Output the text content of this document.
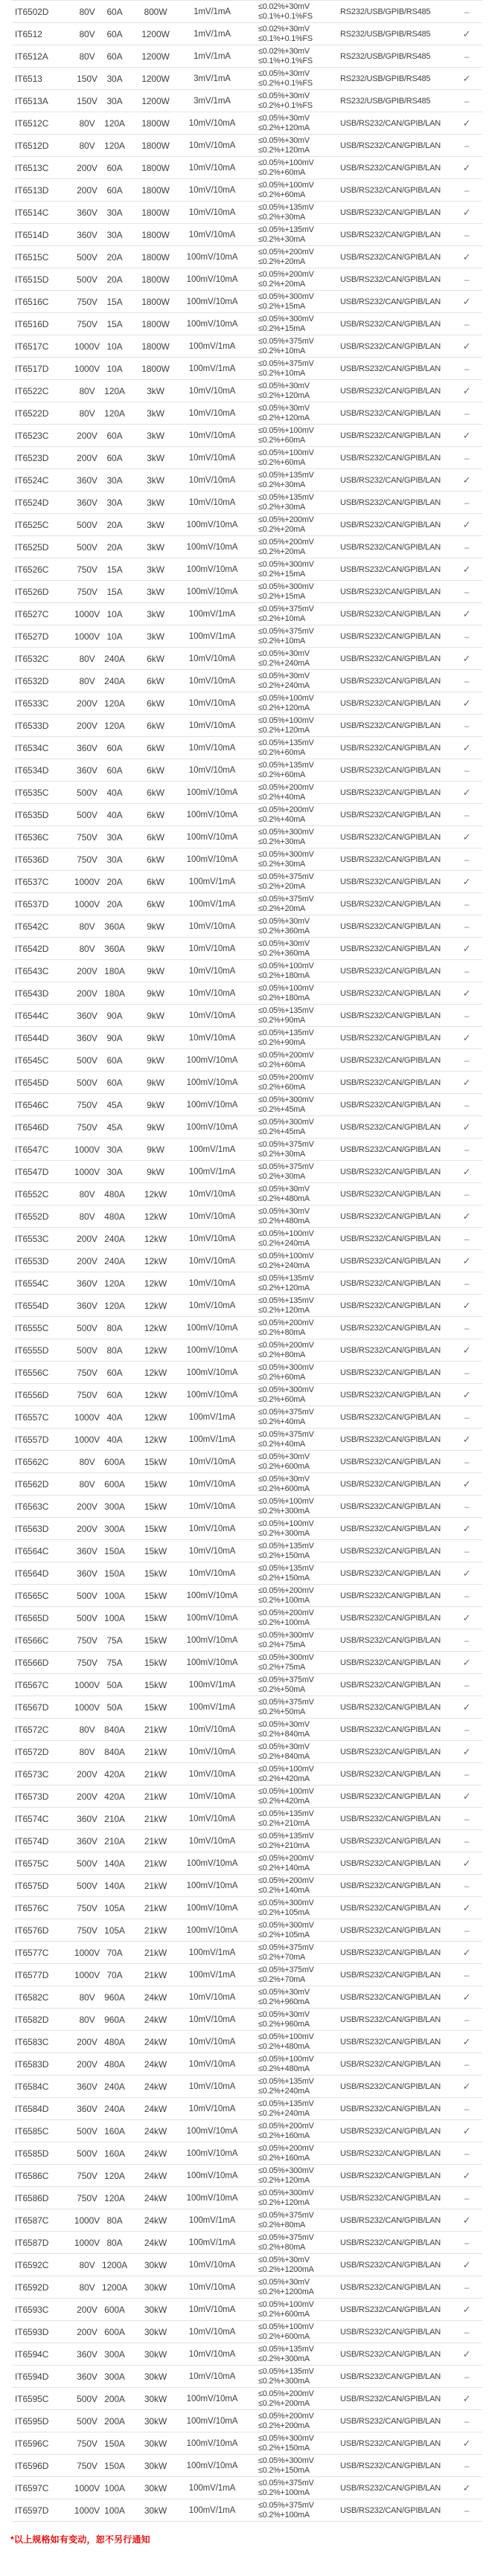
IT6502D	80V	60A	800W	1mV/1mA
≤0.02%+30mV
≤0.1%+0.1%FS	RS232/USB/GPIB/RS485	–
IT6512	80V	60A	1200W	1mV/1mA
≤0.02%+30mV
≤0.1%+0.1%FS	RS232/USB/GPIB/RS485	✓
IT6512A	80V	60A	1200W	1mV/1mA
≤0.02%+30mV
≤0.1%+0.1%FS	RS232/USB/GPIB/RS485	–
IT6513	150V	30A	1200W	3mV/1mA
≤0.05%+30mV
≤0.2%+0.1%FS	RS232/USB/GPIB/RS485	✓
IT6513A	150V	30A	1200W	3mV/1mA
≤0.05%+30mV
≤0.2%+0.1%FS	RS232/USB/GPIB/RS485	–
IT6512C	80V	120A	1800W	10mV/10mA
≤0.05%+30mV
≤0.2%+120mA	USB/RS232/CAN/GPIB/LAN	✓
IT6512D	80V	120A	1800W	10mV/10mA
≤0.05%+30mV
≤0.2%+120mA	USB/RS232/CAN/GPIB/LAN	–
IT6513C	200V	60A	1800W	10mV/10mA
≤0.05%+100mV
≤0.2%+60mA	USB/RS232/CAN/GPIB/LAN	✓
IT6513D	200V	60A	1800W	10mV/10mA
≤0.05%+100mV
≤0.2%+60mA	USB/RS232/CAN/GPIB/LAN	–
IT6514C	360V	30A	1800W	10mV/10mA
≤0.05%+135mV
≤0.2%+30mA	USB/RS232/CAN/GPIB/LAN	✓
IT6514D	360V	30A	1800W	10mV/10mA
≤0.05%+135mV
≤0.2%+30mA	USB/RS232/CAN/GPIB/LAN	–
IT6515C	500V	20A	1800W	100mV/10mA
≤0.05%+200mV
≤0.2%+20mA	USB/RS232/CAN/GPIB/LAN	✓
IT6515D	500V	20A	1800W	100mV/10mA
≤0.05%+200mV
≤0.2%+20mA	USB/RS232/CAN/GPIB/LAN	–
IT6516C	750V	15A	1800W	100mV/10mA
≤0.05%+300mV
≤0.2%+15mA	USB/RS232/CAN/GPIB/LAN	✓
IT6516D	750V	15A	1800W	100mV/10mA
≤0.05%+300mV
≤0.2%+15mA	USB/RS232/CAN/GPIB/LAN	–
IT6517C	1000V 10A	1800W	100mV/1mA
≤0.05%+375mV
≤0.2%+10mA	USB/RS232/CAN/GPIB/LAN	✓
IT6517D	1000V 10A	1800W	100mV/1mA
≤0.05%+375mV
≤0.2%+10mA	USB/RS232/CAN/GPIB/LAN	–
IT6522C	80V	120A	3kW	10mV/10mA
≤0.05%+30mV
≤0.2%+120mA	USB/RS232/CAN/GPIB/LAN	✓
IT6522D	80V	120A	3kW	10mV/10mA
≤0.05%+30mV
≤0.2%+120mA	USB/RS232/CAN/GPIB/LAN	–
IT6523C	200V	60A	3kW	10mV/10mA
≤0.05%+100mV
≤0.2%+60mA	USB/RS232/CAN/GPIB/LAN	✓
IT6523D	200V	60A	3kW	10mV/10mA
≤0.05%+100mV
≤0.2%+60mA	USB/RS232/CAN/GPIB/LAN	–
IT6524C	360V	30A	3kW	10mV/10mA
≤0.05%+135mV
≤0.2%+30mA	USB/RS232/CAN/GPIB/LAN	✓
IT6524D	360V	30A	3kW	10mV/10mA
≤0.05%+135mV
≤0.2%+30mA	USB/RS232/CAN/GPIB/LAN	–
IT6525C	500V	20A	3kW	100mV/10mA
≤0.05%+200mV
≤0.2%+20mA	USB/RS232/CAN/GPIB/LAN	✓
IT6525D	500V	20A	3kW	100mV/10mA
≤0.05%+200mV
≤0.2%+20mA	USB/RS232/CAN/GPIB/LAN	–
IT6526C	750V	15A	3kW	100mV/10mA
≤0.05%+300mV
≤0.2%+15mA	USB/RS232/CAN/GPIB/LAN	✓
IT6526D	750V	15A	3kW	100mV/10mA
≤0.05%+300mV
≤0.2%+15mA	USB/RS232/CAN/GPIB/LAN	–
IT6527C	1000V 10A	3kW	100mV/1mA
≤0.05%+375mV
≤0.2%+10mA	USB/RS232/CAN/GPIB/LAN	✓
IT6527D	1000V 10A	3kW	100mV/1mA
≤0.05%+375mV
≤0.2%+10mA	USB/RS232/CAN/GPIB/LAN	–
IT6532C	80V	240A	6kW	10mV/10mA
≤0.05%+30mV
≤0.2%+240mA	USB/RS232/CAN/GPIB/LAN	✓
IT6532D	80V	240A	6kW	10mV/10mA
≤0.05%+30mV
≤0.2%+240mA	USB/RS232/CAN/GPIB/LAN	–
IT6533C	200V 120A	6kW	10mV/10mA
≤0.05%+100mV
≤0.2%+120mA	USB/RS232/CAN/GPIB/LAN	✓
IT6533D	200V 120A	6kW	10mV/10mA
≤0.05%+100mV
≤0.2%+120mA	USB/RS232/CAN/GPIB/LAN	–
IT6534C	360V	60A	6kW	10mV/10mA
≤0.05%+135mV
≤0.2%+60mA	USB/RS232/CAN/GPIB/LAN	✓
IT6534D	360V	60A	6kW	10mV/10mA
≤0.05%+135mV
≤0.2%+60mA	USB/RS232/CAN/GPIB/LAN	–
IT6535C	500V	40A	6kW	100mV/10mA
≤0.05%+200mV
≤0.2%+40mA	USB/RS232/CAN/GPIB/LAN	✓
IT6535D	500V	40A	6kW	100mV/10mA
≤0.05%+200mV
≤0.2%+40mA	USB/RS232/CAN/GPIB/LAN	–
IT6536C	750V	30A	6kW	100mV/10mA
≤0.05%+300mV
≤0.2%+30mA	USB/RS232/CAN/GPIB/LAN	✓
IT6536D	750V	30A	6kW	100mV/10mA
≤0.05%+300mV
≤0.2%+30mA	USB/RS232/CAN/GPIB/LAN	–
IT6537C	1000V 20A	6kW	100mV/1mA
≤0.05%+375mV
≤0.2%+20mA	USB/RS232/CAN/GPIB/LAN	✓
IT6537D	1000V 20A	6kW	100mV/1mA
≤0.05%+375mV
≤0.2%+20mA	USB/RS232/CAN/GPIB/LAN	–
IT6542C	80V	360A	9kW	10mV/10mA
≤0.05%+30mV
≤0.2%+360mA	USB/RS232/CAN/GPIB/LAN	–
IT6542D	80V	360A	9kW	10mV/10mA
≤0.05%+30mV
≤0.2%+360mA	USB/RS232/CAN/GPIB/LAN	✓
IT6543C	200V 180A	9kW	10mV/10mA
≤0.05%+100mV
≤0.2%+180mA	USB/RS232/CAN/GPIB/LAN	–
IT6543D	200V 180A	9kW	10mV/10mA
≤0.05%+100mV
≤0.2%+180mA	USB/RS232/CAN/GPIB/LAN	✓
IT6544C	360V	90A	9kW	10mV/10mA
≤0.05%+135mV
≤0.2%+90mA	USB/RS232/CAN/GPIB/LAN	–
IT6544D	360V	90A	9kW	10mV/10mA
≤0.05%+135mV
≤0.2%+90mA	USB/RS232/CAN/GPIB/LAN	✓
IT6545C	500V	60A	9kW	100mV/10mA
≤0.05%+200mV
≤0.2%+60mA	USB/RS232/CAN/GPIB/LAN	–
IT6545D	500V	60A	9kW	100mV/10mA
≤0.05%+200mV
≤0.2%+60mA	USB/RS232/CAN/GPIB/LAN	✓
IT6546C	750V	45A	9kW	100mV/10mA
≤0.05%+300mV
≤0.2%+45mA	USB/RS232/CAN/GPIB/LAN	–
IT6546D	750V	45A	9kW	100mV/10mA
≤0.05%+300mV
≤0.2%+45mA	USB/RS232/CAN/GPIB/LAN	✓
IT6547C	1000V 30A	9kW	100mV/1mA
≤0.05%+375mV
≤0.2%+30mA	USB/RS232/CAN/GPIB/LAN	–
IT6547D	1000V 30A	9kW	100mV/1mA
≤0.05%+375mV
≤0.2%+30mA	USB/RS232/CAN/GPIB/LAN	✓
IT6552C	80V	480A	12kW	10mV/10mA
≤0.05%+30mV
≤0.2%+480mA	USB/RS232/CAN/GPIB/LAN	–
IT6552D	80V	480A	12kW	10mV/10mA
≤0.05%+30mV
≤0.2%+480mA	USB/RS232/CAN/GPIB/LAN	✓
IT6553C	200V 240A	12kW	10mV/10mA
≤0.05%+100mV
≤0.2%+240mA	USB/RS232/CAN/GPIB/LAN	–
IT6553D	200V 240A	12kW	10mV/10mA
≤0.05%+100mV
≤0.2%+240mA	USB/RS232/CAN/GPIB/LAN	✓
IT6554C	360V 120A	12kW	10mV/10mA
≤0.05%+135mV
≤0.2%+120mA	USB/RS232/CAN/GPIB/LAN	–
IT6554D	360V 120A	12kW	10mV/10mA
≤0.05%+135mV
≤0.2%+120mA	USB/RS232/CAN/GPIB/LAN	✓
IT6555C	500V	80A	12kW	100mV/10mA
≤0.05%+200mV
≤0.2%+80mA	USB/RS232/CAN/GPIB/LAN	–
IT6555D	500V	80A	12kW	100mV/10mA
≤0.05%+200mV
≤0.2%+80mA	USB/RS232/CAN/GPIB/LAN	✓
IT6556C	750V	60A	12kW	100mV/10mA
≤0.05%+300mV
≤0.2%+60mA	USB/RS232/CAN/GPIB/LAN	–
IT6556D	750V	60A	12kW	100mV/10mA
≤0.05%+300mV
≤0.2%+60mA	USB/RS232/CAN/GPIB/LAN	✓
IT6557C	1000V 40A	12kW	100mV/1mA
≤0.05%+375mV
≤0.2%+40mA	USB/RS232/CAN/GPIB/LAN	–
IT6557D	1000V 40A	12kW	100mV/1mA
≤0.05%+375mV
≤0.2%+40mA	USB/RS232/CAN/GPIB/LAN	✓
IT6562C	80V	600A	15kW	10mV/10mA
≤0.05%+30mV
≤0.2%+600mA	USB/RS232/CAN/GPIB/LAN	–
IT6562D	80V	600A	15kW	10mV/10mA
≤0.05%+30mV
≤0.2%+600mA	USB/RS232/CAN/GPIB/LAN	✓
IT6563C	200V 300A	15kW	10mV/10mA
≤0.05%+100mV
≤0.2%+300mA	USB/RS232/CAN/GPIB/LAN	–
IT6563D	200V 300A	15kW	10mV/10mA
≤0.05%+100mV
≤0.2%+300mA	USB/RS232/CAN/GPIB/LAN	✓
IT6564C	360V 150A	15kW	10mV/10mA
≤0.05%+135mV
≤0.2%+150mA	USB/RS232/CAN/GPIB/LAN	–
IT6564D	360V 150A	15kW	10mV/10mA
≤0.05%+135mV
≤0.2%+150mA	USB/RS232/CAN/GPIB/LAN	✓
IT6565C	500V 100A	15kW	100mV/10mA
≤0.05%+200mV
≤0.2%+100mA	USB/RS232/CAN/GPIB/LAN	–
IT6565D	500V 100A	15kW	100mV/10mA
≤0.05%+200mV
≤0.2%+100mA	USB/RS232/CAN/GPIB/LAN	✓
IT6566C	750V	75A	15kW	100mV/10mA
≤0.05%+300mV
≤0.2%+75mA	USB/RS232/CAN/GPIB/LAN	–
IT6566D	750V	75A	15kW	100mV/10mA
≤0.05%+300mV
≤0.2%+75mA	USB/RS232/CAN/GPIB/LAN	✓
IT6567C	1000V 50A	15kW	100mV/1mA
≤0.05%+375mV
≤0.2%+50mA	USB/RS232/CAN/GPIB/LAN	–
IT6567D	1000V 50A	15kW	100mV/1mA
≤0.05%+375mV
≤0.2%+50mA	USB/RS232/CAN/GPIB/LAN	✓
IT6572C	80V	840A	21kW	10mV/10mA
≤0.05%+30mV
≤0.2%+840mA	USB/RS232/CAN/GPIB/LAN	–
IT6572D	80V	840A	21kW	10mV/10mA
≤0.05%+30mV
≤0.2%+840mA	USB/RS232/CAN/GPIB/LAN	✓
IT6573C	200V 420A	21kW	10mV/10mA
≤0.05%+100mV
≤0.2%+420mA	USB/RS232/CAN/GPIB/LAN	–
IT6573D	200V 420A	21kW	10mV/10mA
≤0.05%+100mV
≤0.2%+420mA	USB/RS232/CAN/GPIB/LAN	✓
IT6574C	360V 210A	21kW	10mV/10mA
≤0.05%+135mV
≤0.2%+210mA	USB/RS232/CAN/GPIB/LAN	–
IT6574D	360V 210A	21kW	10mV/10mA
≤0.05%+135mV
≤0.2%+210mA	USB/RS232/CAN/GPIB/LAN	–
IT6575C	500V 140A	21kW	100mV/10mA
≤0.05%+200mV
≤0.2%+140mA	USB/RS232/CAN/GPIB/LAN	✓
IT6575D	500V 140A	21kW	100mV/10mA
≤0.05%+200mV
≤0.2%+140mA	USB/RS232/CAN/GPIB/LAN	–
IT6576C	750V 105A	21kW	100mV/10mA
≤0.05%+300mV
≤0.2%+105mA	USB/RS232/CAN/GPIB/LAN	✓
IT6576D	750V 105A	21kW	100mV/10mA
≤0.05%+300mV
≤0.2%+105mA	USB/RS232/CAN/GPIB/LAN	–
IT6577C	1000V 70A	21kW	100mV/1mA
≤0.05%+375mV
≤0.2%+70mA	USB/RS232/CAN/GPIB/LAN	✓
IT6577D	1000V 70A	21kW	100mV/1mA
≤0.05%+375mV
≤0.2%+70mA	USB/RS232/CAN/GPIB/LAN	–
IT6582C	80V	960A	24kW	10mV/10mA
≤0.05%+30mV
≤0.2%+960mA	USB/RS232/CAN/GPIB/LAN	✓
IT6582D	80V	960A	24kW	10mV/10mA
≤0.05%+30mV
≤0.2%+960mA	USB/RS232/CAN/GPIB/LAN	–
IT6583C	200V 480A	24kW	10mV/10mA
≤0.05%+100mV
≤0.2%+480mA	USB/RS232/CAN/GPIB/LAN	✓
IT6583D	200V 480A	24kW	10mV/10mA
≤0.05%+100mV
≤0.2%+480mA	USB/RS232/CAN/GPIB/LAN	–
IT6584C	360V 240A	24kW	10mV/10mA
≤0.05%+135mV
≤0.2%+240mA	USB/RS232/CAN/GPIB/LAN	✓
IT6584D	360V 240A	24kW	10mV/10mA
≤0.05%+135mV
≤0.2%+240mA	USB/RS232/CAN/GPIB/LAN	–
IT6585C	500V 160A	24kW	100mV/10mA
≤0.05%+200mV
≤0.2%+160mA	USB/RS232/CAN/GPIB/LAN	✓
IT6585D	500V 160A	24kW	100mV/10mA
≤0.05%+200mV
≤0.2%+160mA	USB/RS232/CAN/GPIB/LAN	–
IT6586C	750V 120A	24kW	100mV/10mA
≤0.05%+300mV
≤0.2%+120mA	USB/RS232/CAN/GPIB/LAN	✓
IT6586D	750V 120A	24kW	100mV/10mA
≤0.05%+300mV
≤0.2%+120mA	USB/RS232/CAN/GPIB/LAN	–
IT6587C	1000V 80A	24kW	100mV/1mA
≤0.05%+375mV
≤0.2%+80mA	USB/RS232/CAN/GPIB/LAN	✓
IT6587D	1000V 80A	24kW	100mV/1mA
≤0.05%+375mV
≤0.2%+80mA	USB/RS232/CAN/GPIB/LAN	–
IT6592C	80V 1200A	30kW	10mV/10mA
≤0.05%+30mV
≤0.2%+1200mA	USB/RS232/CAN/GPIB/LAN	✓
IT6592D	80V 1200A	30kW	10mV/10mA
≤0.05%+30mV
≤0.2%+1200mA	USB/RS232/CAN/GPIB/LAN	–
IT6593C	200V 600A	30kW	10mV/10mA
≤0.05%+100mV
≤0.2%+600mA	USB/RS232/CAN/GPIB/LAN	✓
IT6593D	200V 600A	30kW	10mV/10mA
≤0.05%+100mV
≤0.2%+600mA	USB/RS232/CAN/GPIB/LAN	–
IT6594C	360V 300A	30kW	10mV/10mA
≤0.05%+135mV
≤0.2%+300mA	USB/RS232/CAN/GPIB/LAN	✓
IT6594D	360V 300A	30kW	10mV/10mA
≤0.05%+135mV
≤0.2%+300mA	USB/RS232/CAN/GPIB/LAN	–
IT6595C	500V 200A	30kW	100mV/10mA
≤0.05%+200mV
≤0.2%+200mA	USB/RS232/CAN/GPIB/LAN	✓
IT6595D	500V 200A	30kW	100mV/10mA
≤0.05%+200mV
≤0.2%+200mA	USB/RS232/CAN/GPIB/LAN	–
IT6596C	750V 150A	30kW	100mV/10mA
≤0.05%+300mV
≤0.2%+150mA	USB/RS232/CAN/GPIB/LAN	✓
IT6596D	750V 150A	30kW	100mV/10mA
≤0.05%+300mV
≤0.2%+150mA	USB/RS232/CAN/GPIB/LAN	–
IT6597C	1000V 100A	30kW	100mV/1mA
≤0.05%+375mV
≤0.2%+100mA	USB/RS232/CAN/GPIB/LAN	✓
IT6597D	1000V 100A	30kW	100mV/1mA
≤0.05%+375mV
≤0.2%+100mA	USB/RS232/CAN/GPIB/LAN	–
*以上规格如有变动，恕不另行通知
